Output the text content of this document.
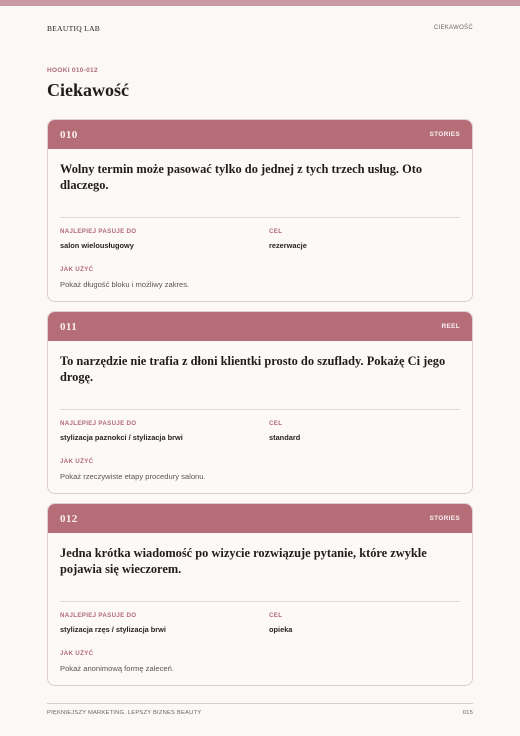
BEAUTIQ LAB	CIEKAWOŚĆ
HOOKI 010-012
Ciekawość
010	STORIES
Wolny termin może pasować tylko do jednej z tych trzech usług. Oto dlaczego.
NAJLEPIEJ PASUJE DO
salon wielousługowy
CEL
rezerwacje
JAK UŻYĆ
Pokaż długość bloku i możliwy zakres.
011	REEL
To narzędzie nie trafia z dłoni klientki prosto do szuflady. Pokażę Ci jego drogę.
NAJLEPIEJ PASUJE DO
stylizacja paznokci / stylizacja brwi
CEL
standard
JAK UŻYĆ
Pokaż rzeczywiste etapy procedury salonu.
012	STORIES
Jedna krótka wiadomość po wizycie rozwiązuje pytanie, które zwykle pojawia się wieczorem.
NAJLEPIEJ PASUJE DO
stylizacja rzęs / stylizacja brwi
CEL
opieka
JAK UŻYĆ
Pokaż anonimową formę zaleceń.
PIĘKNIEJSZY MARKETING. LEPSZY BIZNES BEAUTY	015
